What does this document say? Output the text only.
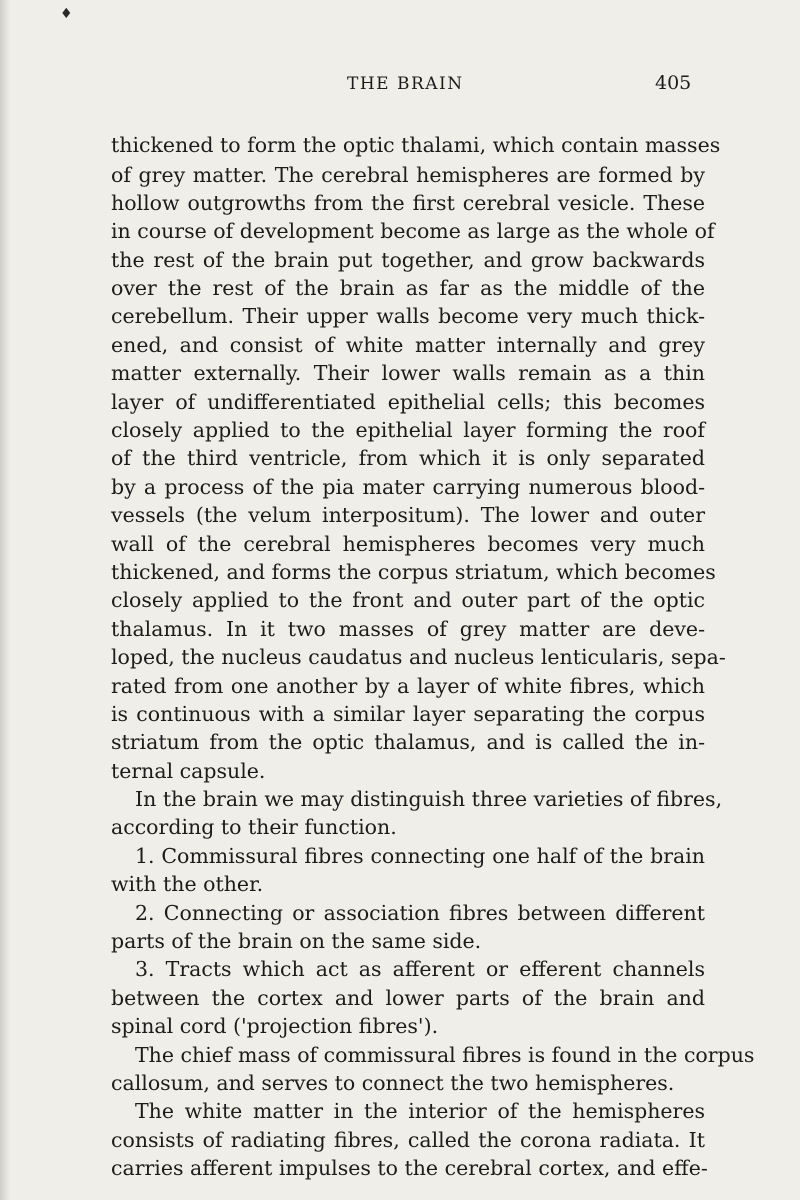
♦
THE BRAIN	405
thickened to form the optic thalami, which contain masses
of grey matter. The cerebral hemispheres are formed by
hollow outgrowths from the first cerebral vesicle. These
in course of development become as large as the whole of
the rest of the brain put together, and grow backwards
over the rest of the brain as far as the middle of the
cerebellum. Their upper walls become very much thick-
ened, and consist of white matter internally and grey
matter externally. Their lower walls remain as a thin
layer of undifferentiated epithelial cells; this becomes
closely applied to the epithelial layer forming the roof
of the third ventricle, from which it is only separated
by a process of the pia mater carrying numerous blood-
vessels (the velum interpositum). The lower and outer
wall of the cerebral hemispheres becomes very much
thickened, and forms the corpus striatum, which becomes
closely applied to the front and outer part of the optic
thalamus. In it two masses of grey matter are deve-
loped, the nucleus caudatus and nucleus lenticularis, sepa-
rated from one another by a layer of white fibres, which
is continuous with a similar layer separating the corpus
striatum from the optic thalamus, and is called the in-
ternal capsule.
In the brain we may distinguish three varieties of fibres,
according to their function.
1. Commissural fibres connecting one half of the brain
with the other.
2. Connecting or association fibres between different
parts of the brain on the same side.
3. Tracts which act as afferent or efferent channels
between the cortex and lower parts of the brain and
spinal cord ('projection fibres').
The chief mass of commissural fibres is found in the corpus
callosum, and serves to connect the two hemispheres.
The white matter in the interior of the hemispheres
consists of radiating fibres, called the corona radiata. It
carries afferent impulses to the cerebral cortex, and effe-
